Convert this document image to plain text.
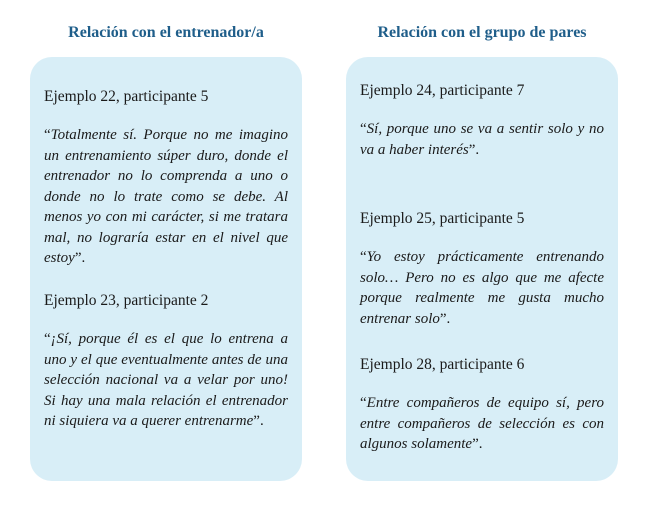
Relación con el entrenador/a	Relación con el grupo de pares

Ejemplo 22, participante 5

“Totalmente sí. Porque no me imagino un entrenamiento súper duro, donde el entrenador no lo comprenda a uno o donde no lo trate como se debe. Al menos yo con mi carácter, si me tratara mal, no lograría estar en el nivel que estoy”.

Ejemplo 23, participante 2

“¡Sí, porque él es el que lo entrena a uno y el que eventualmente antes de una selección nacional va a velar por uno! Si hay una mala relación el entrenador ni siquiera va a querer entrenarme”.

Ejemplo 24, participante 7

“Sí, porque uno se va a sentir solo y no va a haber interés”.

Ejemplo 25, participante 5

“Yo estoy prácticamente entrenando solo… Pero no es algo que me afecte porque realmente me gusta mucho entrenar solo”.

Ejemplo 28, participante 6

“Entre compañeros de equipo sí, pero entre compañeros de selección es con algunos solamente”.
